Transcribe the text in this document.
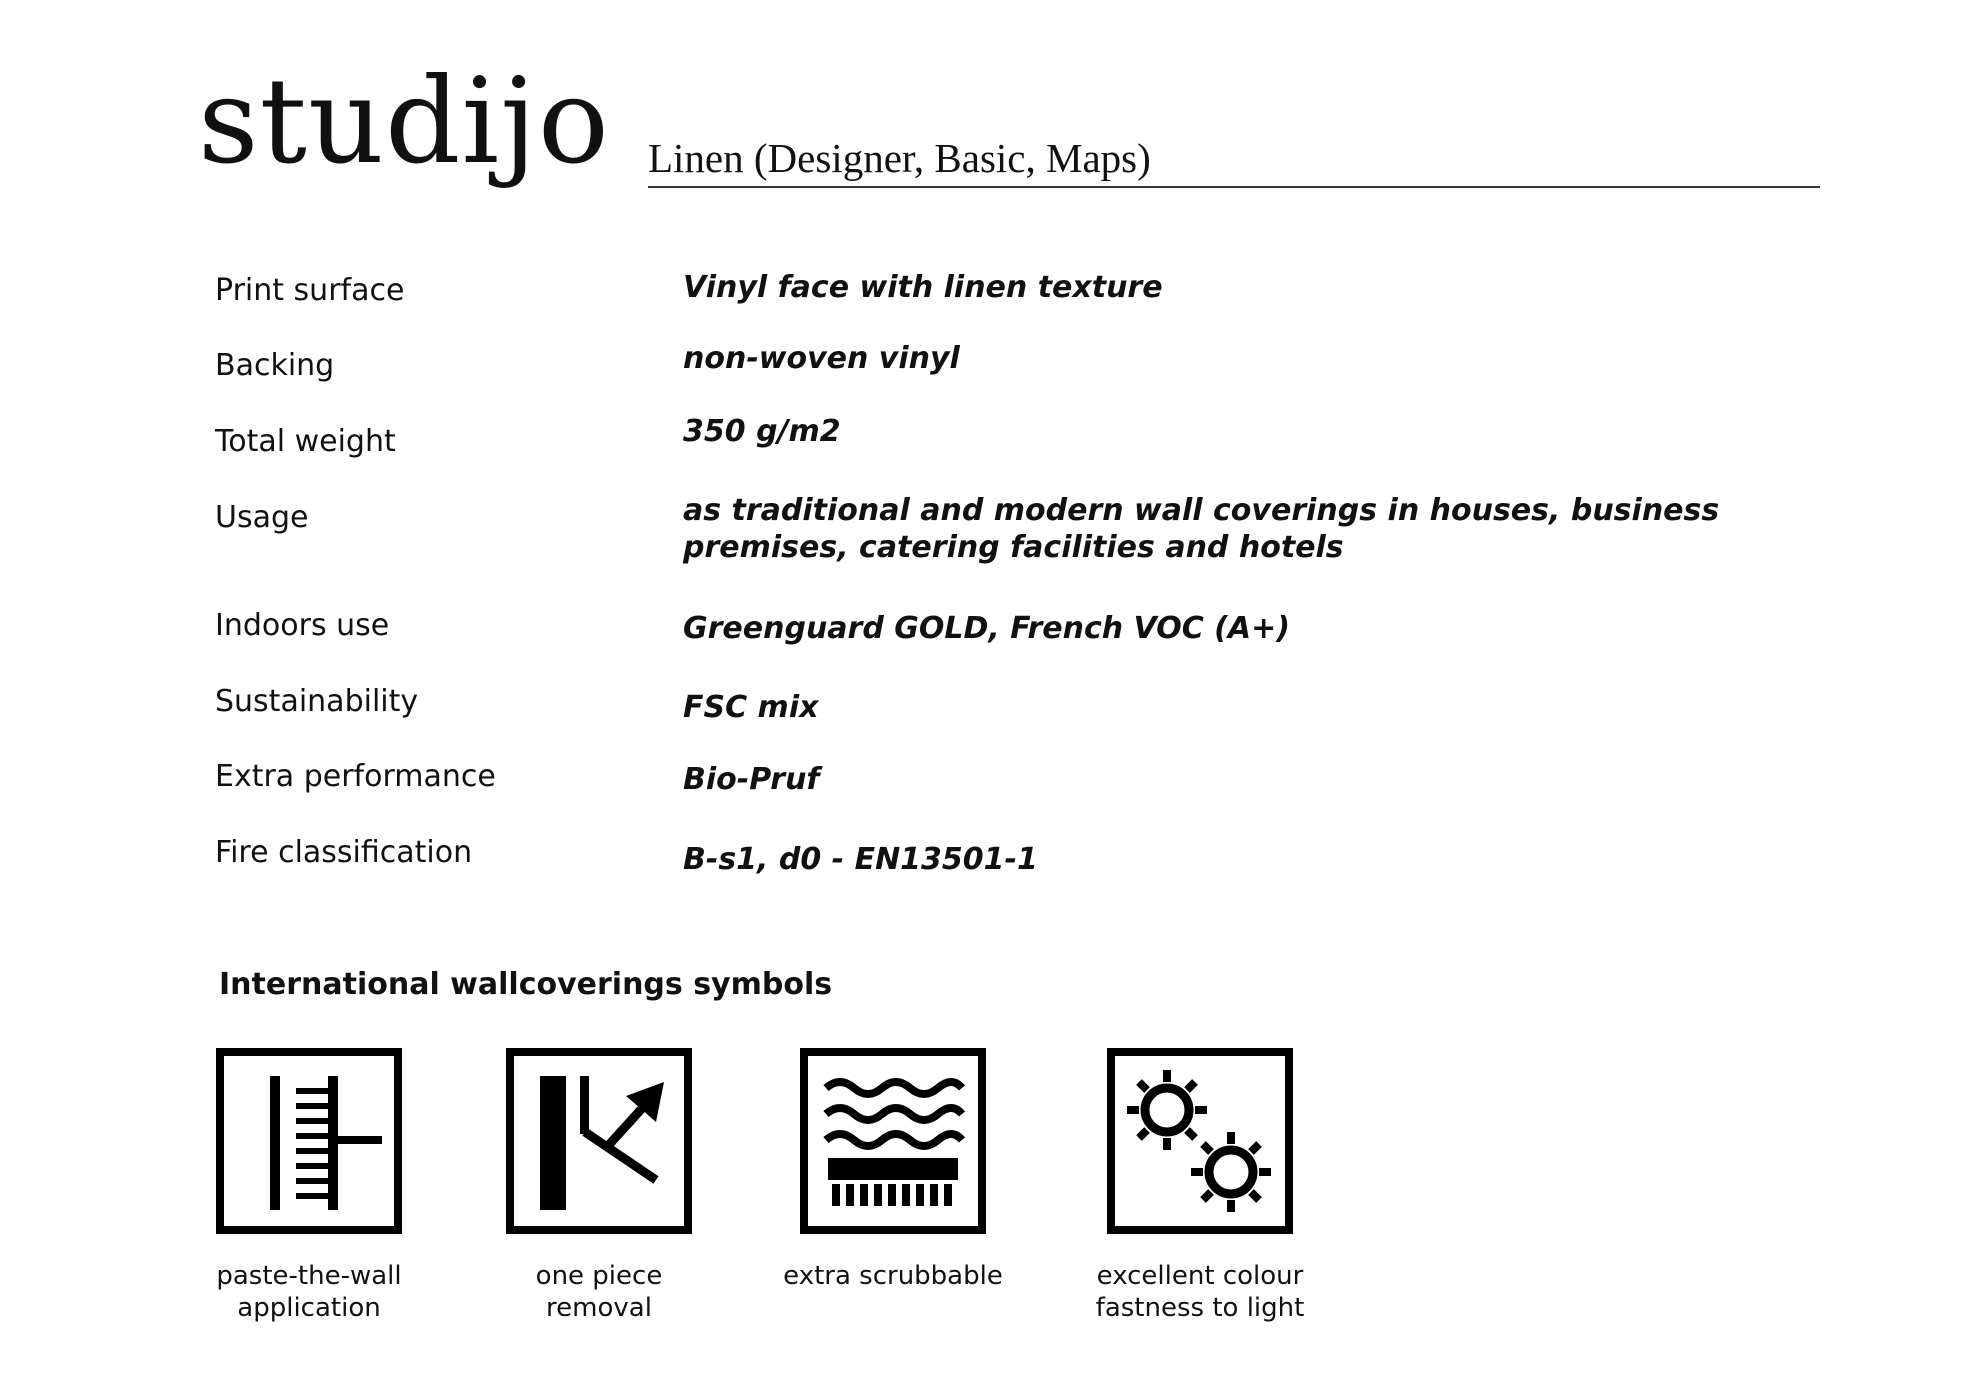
studijo Linen (Designer, Basic, Maps)
Print surface	Vinyl face with linen texture
Backing	non-woven vinyl
Total weight	350 g/m2
Usage	as traditional and modern wall coverings in houses, business premises, catering facilities and hotels
Indoors use	Greenguard GOLD, French VOC (A+)
Sustainability	FSC mix
Extra performance	Bio-Pruf
Fire classification	B-s1, d0 - EN13501-1
International wallcoverings symbols
paste-the-wall
application
one piece
removal
extra scrubbable	excellent colour
fastness to light
